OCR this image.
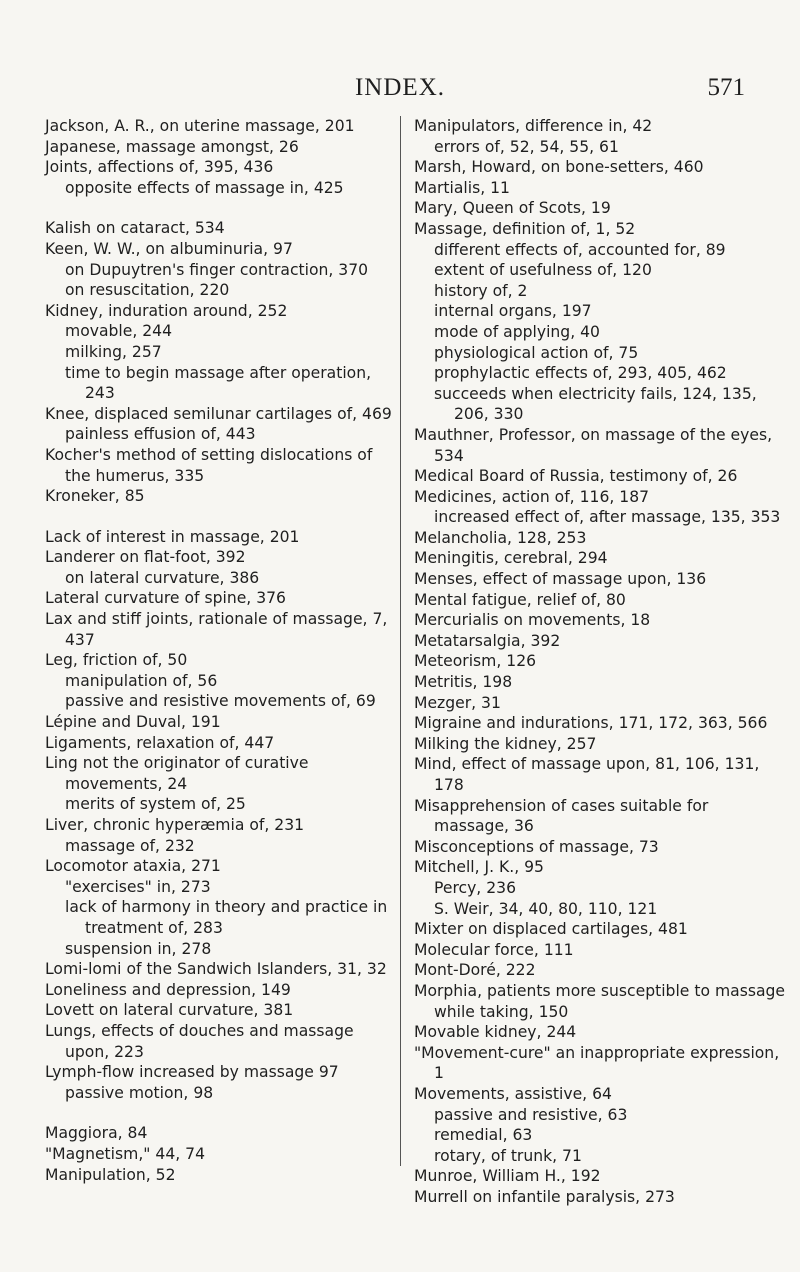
INDEX.	571

Jackson, A. R., on uterine massage, 201

Japanese, massage amongst, 26

Joints, affections of, 395, 436

opposite effects of massage in, 425

Kalish on cataract, 534

Keen, W. W., on albuminuria, 97

on Dupuytren's finger contraction, 370

on resuscitation, 220

Kidney, induration around, 252

movable, 244

milking, 257

time to begin massage after operation, 243

Knee, displaced semilunar cartilages of, 469

painless effusion of, 443

Kocher's method of setting dislocations of the humerus, 335

Kroneker, 85

Lack of interest in massage, 201

Landerer on flat-foot, 392

on lateral curvature, 386

Lateral curvature of spine, 376

Lax and stiff joints, rationale of massage, 7, 437

Leg, friction of, 50

manipulation of, 56

passive and resistive movements of, 69

Lépine and Duval, 191

Ligaments, relaxation of, 447

Ling not the originator of curative movements, 24

merits of system of, 25

Liver, chronic hyperæmia of, 231

massage of, 232

Locomotor ataxia, 271

"exercises" in, 273

lack of harmony in theory and practice in treatment of, 283

suspension in, 278

Lomi-lomi of the Sandwich Islanders, 31, 32

Loneliness and depression, 149

Lovett on lateral curvature, 381

Lungs, effects of douches and massage upon, 223

Lymph-flow increased by massage 97

passive motion, 98

Maggiora, 84

"Magnetism," 44, 74

Manipulation, 52

Manipulators, difference in, 42

errors of, 52, 54, 55, 61

Marsh, Howard, on bone-setters, 460

Martialis, 11

Mary, Queen of Scots, 19

Massage, definition of, 1, 52

different effects of, accounted for, 89

extent of usefulness of, 120

history of, 2

internal organs, 197

mode of applying, 40

physiological action of, 75

prophylactic effects of, 293, 405, 462

succeeds when electricity fails, 124, 135, 206, 330

Mauthner, Professor, on massage of the eyes, 534

Medical Board of Russia, testimony of, 26

Medicines, action of, 116, 187

increased effect of, after massage, 135, 353

Melancholia, 128, 253

Meningitis, cerebral, 294

Menses, effect of massage upon, 136

Mental fatigue, relief of, 80

Mercurialis on movements, 18

Metatarsalgia, 392

Meteorism, 126

Metritis, 198

Mezger, 31

Migraine and indurations, 171, 172, 363, 566

Milking the kidney, 257

Mind, effect of massage upon, 81, 106, 131, 178

Misapprehension of cases suitable for massage, 36

Misconceptions of massage, 73

Mitchell, J. K., 95

Percy, 236

S. Weir, 34, 40, 80, 110, 121

Mixter on displaced cartilages, 481

Molecular force, 111

Mont-Doré, 222

Morphia, patients more susceptible to massage while taking, 150

Movable kidney, 244

"Movement-cure" an inappropriate expression, 1

Movements, assistive, 64

passive and resistive, 63

remedial, 63

rotary, of trunk, 71

Munroe, William H., 192

Murrell on infantile paralysis, 273
